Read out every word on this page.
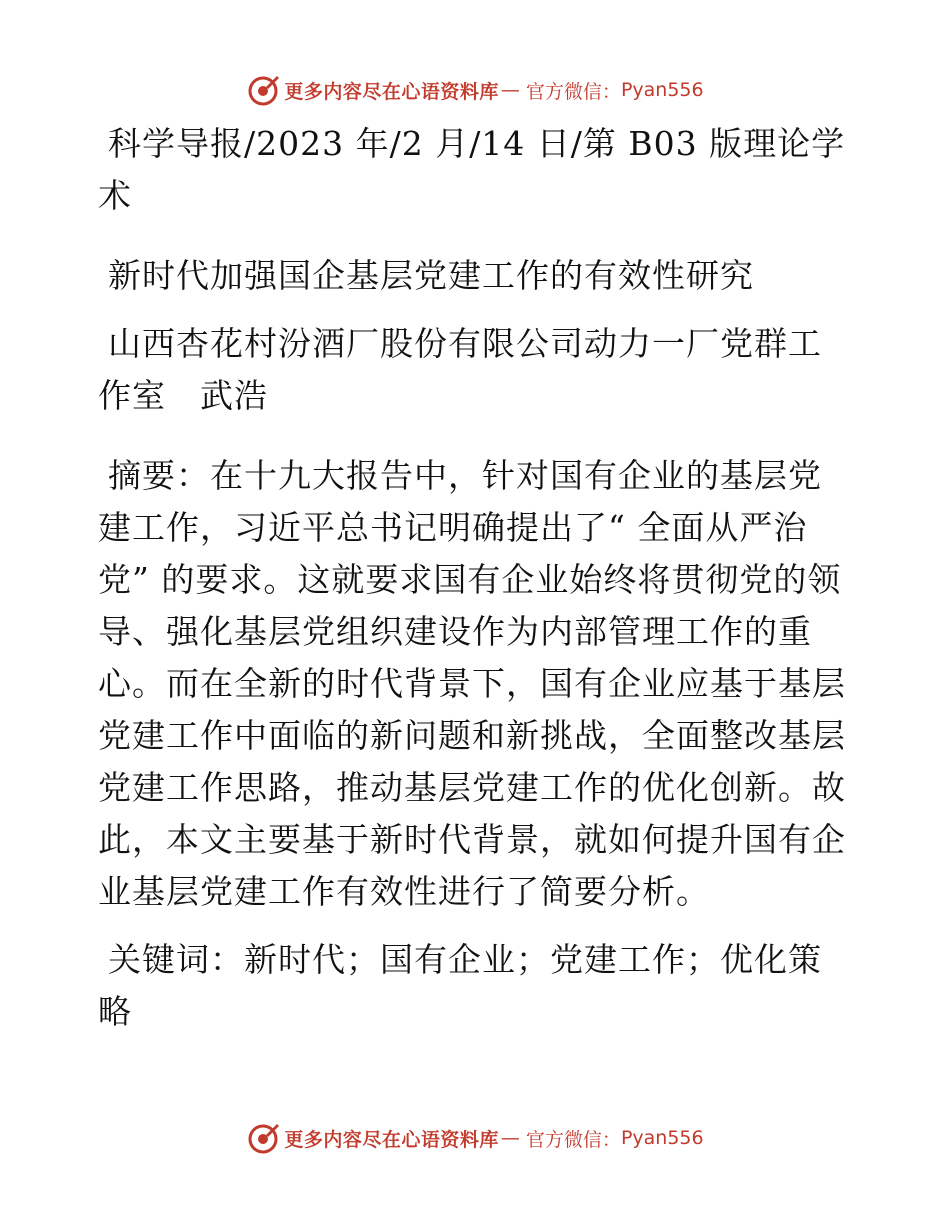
更多内容尽在心语资料库 — 官方微信： Pyan556

科学导报/2023 年/2 月/14 日/第 B03 版理论学术

新时代加强国企基层党建工作的有效性研究

山西杏花村汾酒厂股份有限公司动力一厂党群工作室　武浩

摘要：在十九大报告中，针对国有企业的基层党建工作，习近平总书记明确提出了“ 全面从严治党” 的要求。这就要求国有企业始终将贯彻党的领导、强化基层党组织建设作为内部管理工作的重心。而在全新的时代背景下，国有企业应基于基层党建工作中面临的新问题和新挑战，全面整改基层党建工作思路，推动基层党建工作的优化创新。故此，本文主要基于新时代背景，就如何提升国有企业基层党建工作有效性进行了简要分析。

关键词：新时代；国有企业；党建工作；优化策略

更多内容尽在心语资料库 — 官方微信： Pyan556
